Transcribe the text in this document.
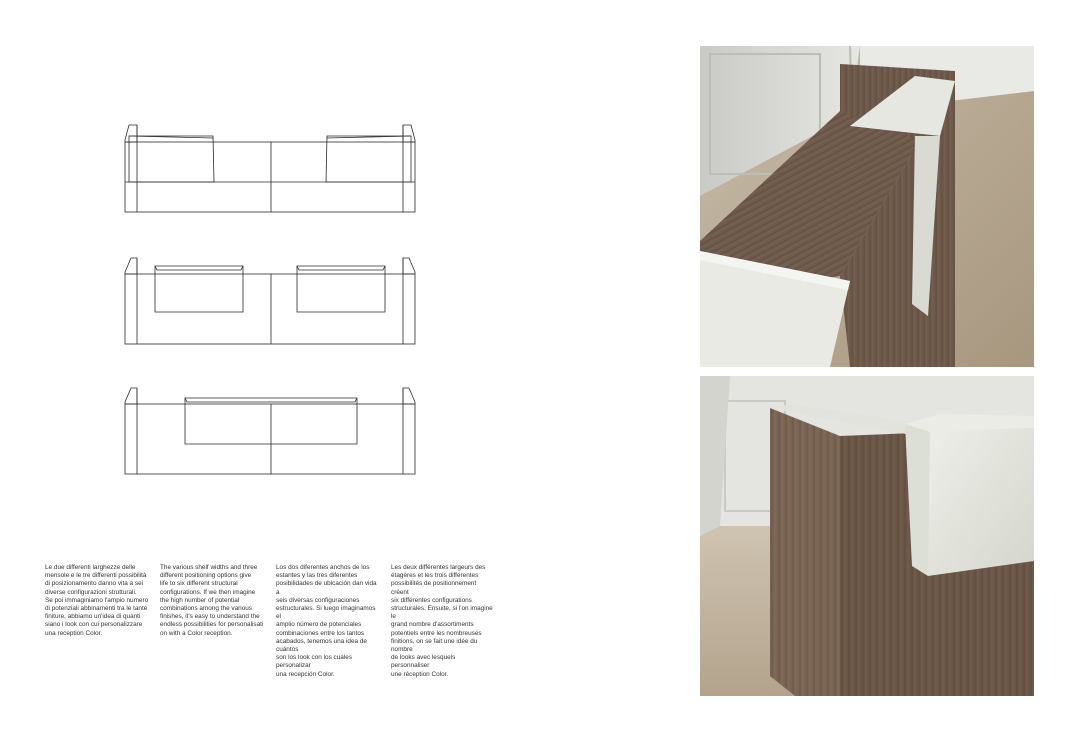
Le due differenti larghezze delle
mensole e le tre differenti possibilità
di posizionamento danno vita a sei
diverse configurazioni strutturali.
Se poi immaginiamo l'ampio numero
di potenziali abbinamenti tra le tante
finiture, abbiamo un'idea di quanti
siano i look con cui personalizzare
una reception Color.
The various shelf widths and three
different positioning options give
life to six different structural
configurations. If we then imagine
the high number of potential
combinations among the various
finishes, it's easy to understand the
endless possibilities for personalisati
on with a Color reception.
Los dos diferentes anchos de los
estantes y las tres diferentes
posibilidades de ubicación dan vida a
seis diversas configuraciones
estructurales. Si luego imaginamos el
amplio número de potenciales
combinaciones entre los tantos
acabados, tenemos una idea de cuántos
son los look con los cuales personalizar
una recepción Color.
Les deux différentes largeurs des
étagères et les trois différentes
possibilités de positionnement créent
six différentes configurations
structurales. Ensuite, si l'on imagine le
grand nombre d'assortiments
potentiels entre les nombreuses
finitions, on se fait une idée du nombre
de looks avec lesquels personnaliser
une réception Color.
